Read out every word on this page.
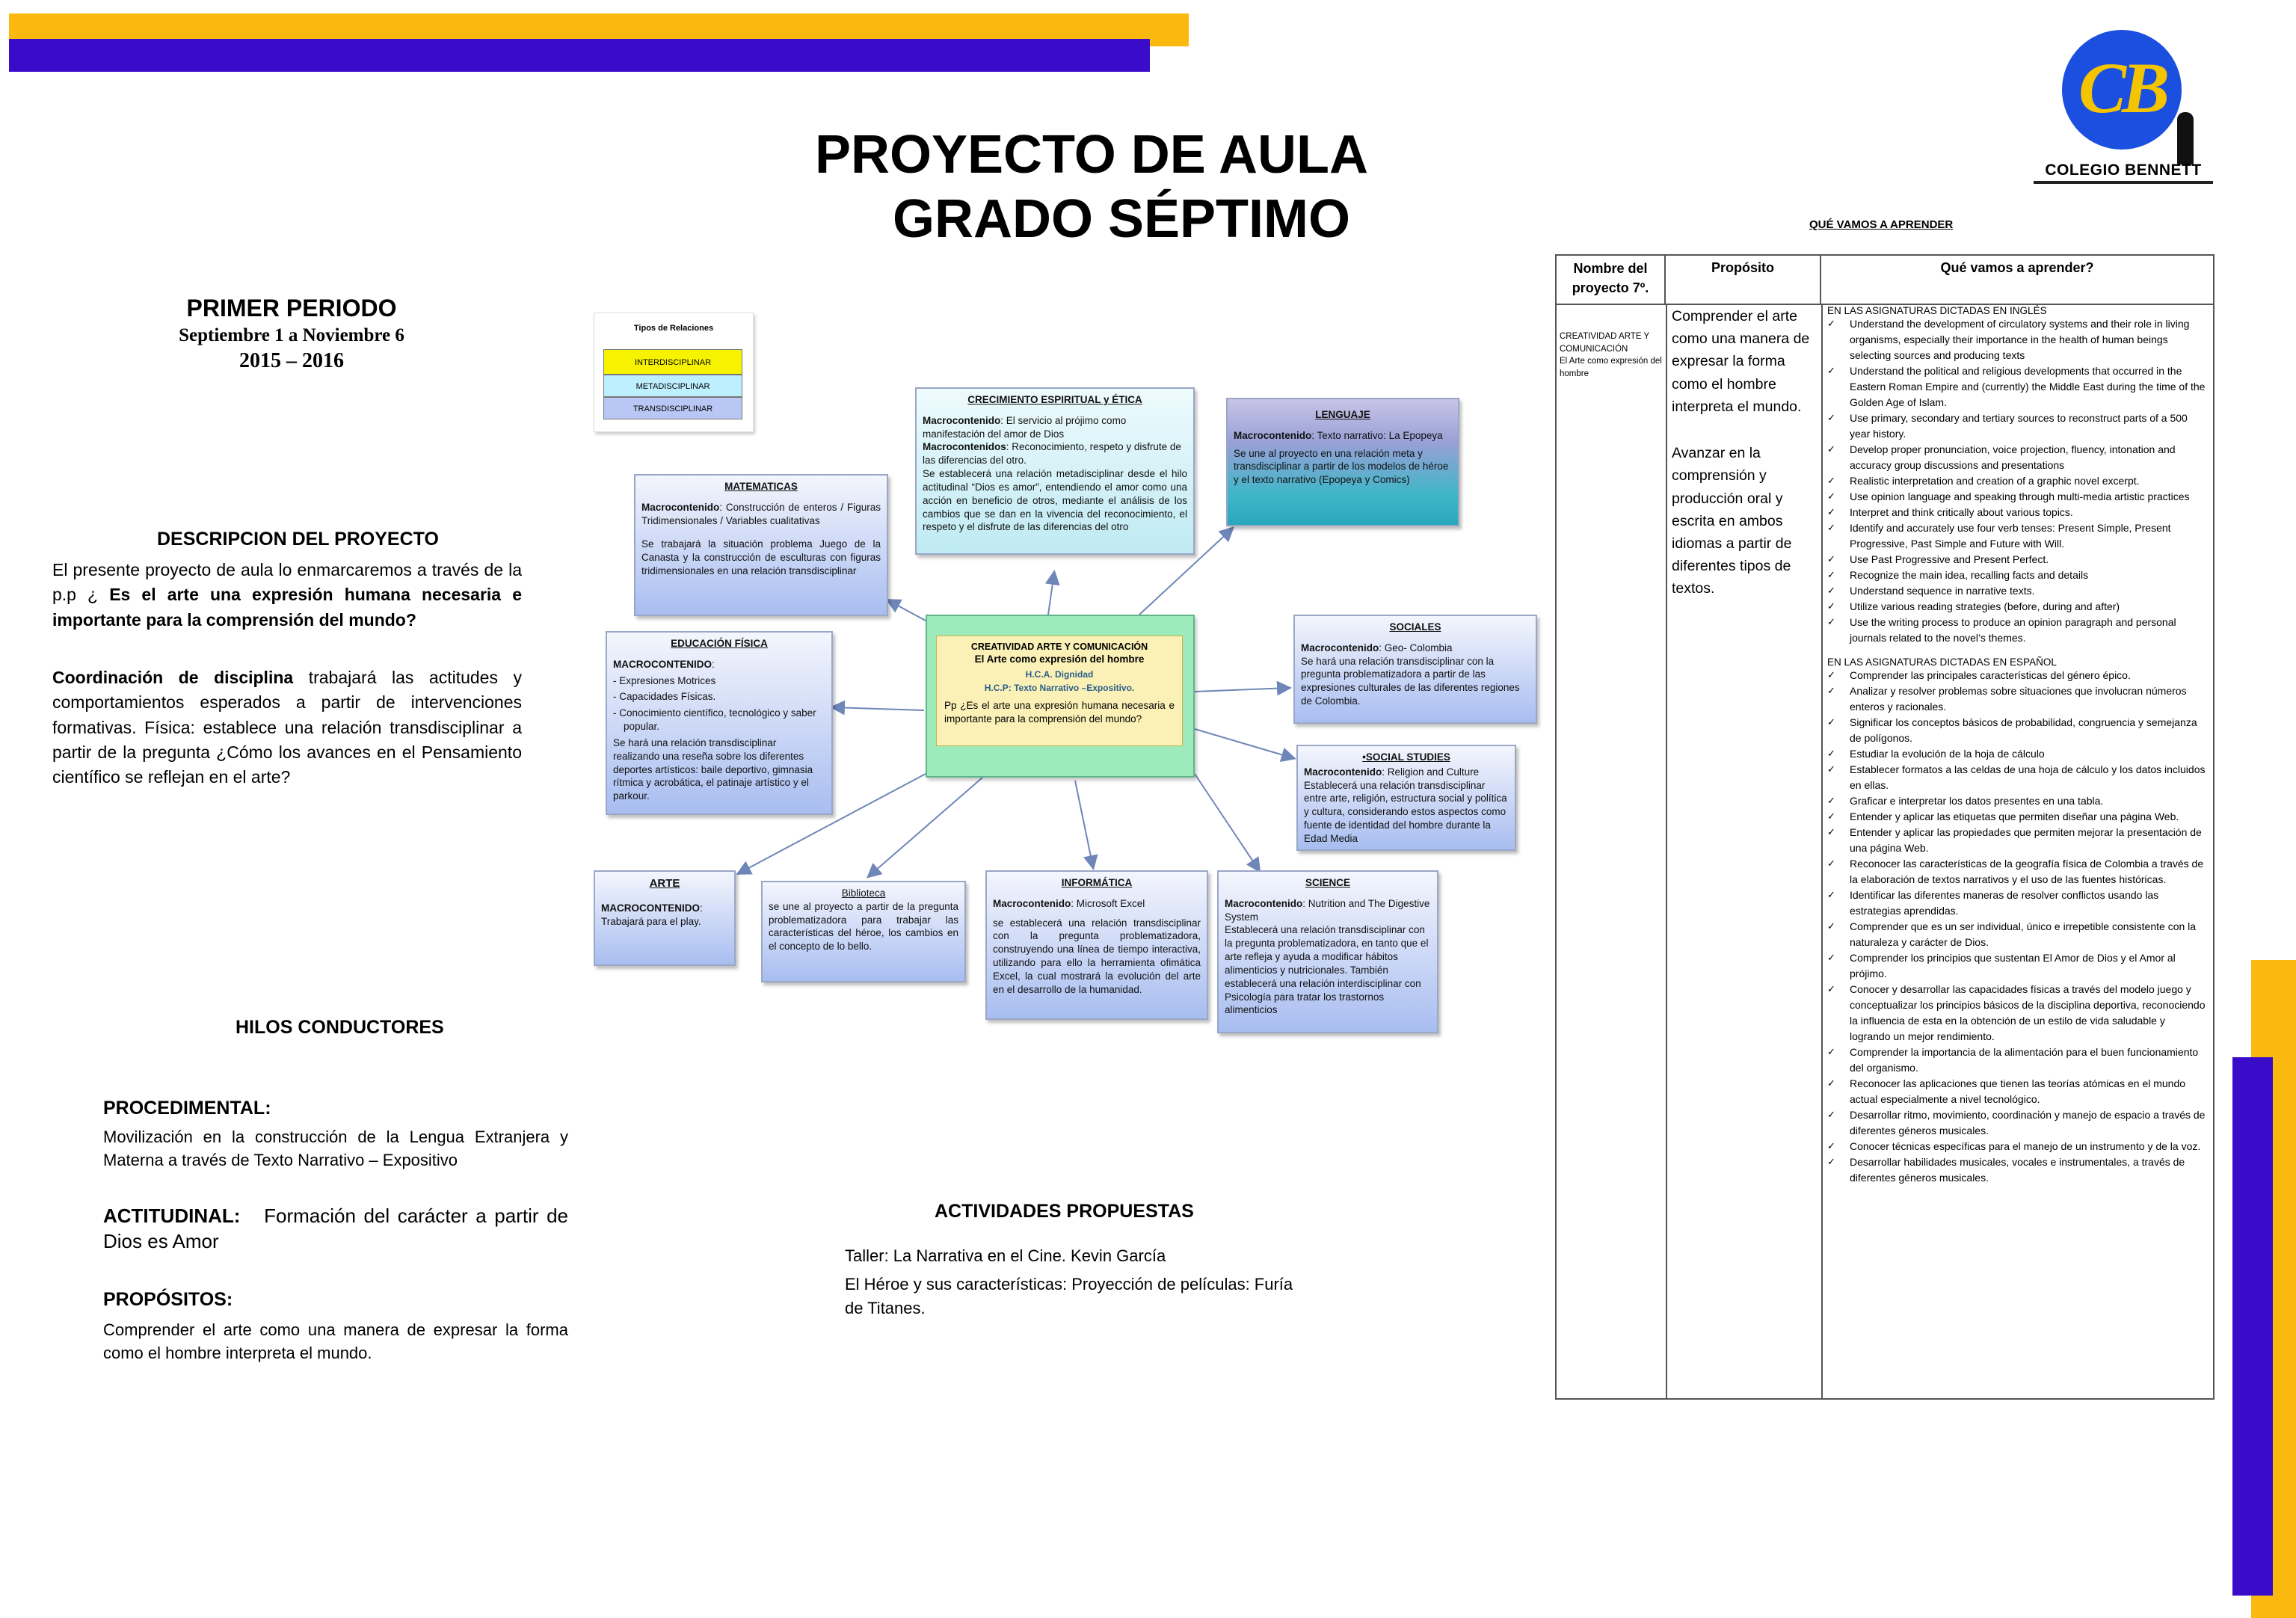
CB
COLEGIO BENNETT
PROYECTO DE AULA
GRADO SÉPTIMO
PRIMER PERIODO
Septiembre 1 a Noviembre 6
2015 – 2016
DESCRIPCION DEL PROYECTO
El presente proyecto de aula lo enmarcaremos a través de la p.p ¿ Es el arte una expresión humana necesaria e importante para la comprensión del mundo?
Coordinación de disciplina trabajará las actitudes y comportamientos esperados a partir de intervenciones formativas. Física: establece una relación transdisciplinar a partir de la pregunta ¿Cómo los avances en el Pensamiento científico se reflejan en el arte?
HILOS CONDUCTORES
PROCEDIMENTAL:
Movilización en la construcción de la Lengua Extranjera y Materna a través de Texto Narrativo – Expositivo
ACTITUDINAL: Formación del carácter a partir de Dios es Amor
PROPÓSITOS:
Comprender el arte como una manera de expresar la forma como el hombre interpreta el mundo.
Tipos de Relaciones
INTERDISCIPLINAR
METADISCIPLINAR
TRANSDISCIPLINAR
CREATIVIDAD ARTE Y COMUNICACIÓN
El Arte como expresión del hombre
H.C.A. Dignidad
H.C.P: Texto Narrativo –Expositivo.
Pp ¿Es el arte una expresión humana necesaria e importante para la comprensión del mundo?
CRECIMIENTO ESPIRITUAL y ÉTICA
Macrocontenido: El servicio al prójimo como manifestación del amor de Dios
Macrocontenidos: Reconocimiento, respeto y disfrute de las diferencias del otro.
Se establecerá una relación metadisciplinar desde el hilo actitudinal “Dios es amor”, entendiendo el amor como una acción en beneficio de otros, mediante el análisis de los cambios que se dan en la vivencia del reconocimiento, el respeto y el disfrute de las diferencias del otro
LENGUAJE
Macrocontenido: Texto narrativo: La Epopeya
Se une al proyecto en una relación meta y transdisciplinar a partir de los modelos de héroe y el texto narrativo (Epopeya y Comics)
MATEMATICAS
Macrocontenido: Construcción de enteros / Figuras Tridimensionales / Variables cualitativas
Se trabajará la situación problema Juego de la Canasta y la construcción de esculturas con figuras tridimensionales en una relación transdisciplinar
EDUCACIÓN FÍSICA
MACROCONTENIDO:
- Expresiones Motrices
- Capacidades Físicas.
- Conocimiento científico, tecnológico y saber popular.
Se hará una relación transdisciplinar realizando una reseña sobre los diferentes deportes artísticos: baile deportivo, gimnasia rítmica y acrobática, el patinaje artístico y el parkour.
SOCIALES
Macrocontenido: Geo- Colombia
Se hará una relación transdisciplinar con la pregunta problematizadora a partir de las expresiones culturales de las diferentes regiones de Colombia.
•SOCIAL STUDIES
Macrocontenido: Religion and Culture
Establecerá una relación transdisciplinar entre arte, religión, estructura social y política y cultura, considerando estos aspectos como fuente de identidad del hombre durante la Edad Media
ARTE
MACROCONTENIDO:
Trabajará para el play.
Biblioteca
se une al proyecto a partir de la pregunta problematizadora para trabajar las características del héroe, los cambios en el concepto de lo bello.
INFORMÁTICA
Macrocontenido: Microsoft Excel
se establecerá una relación transdisciplinar con la pregunta problematizadora, construyendo una línea de tiempo interactiva, utilizando para ello la herramienta ofimática Excel, la cual mostrará la evolución del arte en el desarrollo de la humanidad.
SCIENCE
Macrocontenido: Nutrition and The Digestive System
Establecerá una relación transdisciplinar con la pregunta problematizadora, en tanto que el arte refleja y ayuda a modificar hábitos alimenticios y nutricionales. También establecerá una relación interdisciplinar con Psicología para tratar los trastornos alimenticios
ACTIVIDADES PROPUESTAS
Taller: La Narrativa en el Cine. Kevin García
El Héroe y sus características: Proyección de películas: Furía de Titanes.
QUÉ VAMOS A APRENDER
Nombre del proyecto 7º.
Propósito	Qué vamos a aprender?
CREATIVIDAD ARTE Y COMUNICACIÓN
El Arte como expresión del hombre
Comprender el arte como una manera de expresar la forma como el hombre interpreta el mundo.
Avanzar en la comprensión y producción oral y escrita en ambos idiomas a partir de diferentes tipos de textos.
EN LAS ASIGNATURAS DICTADAS EN INGLÉS
✓ Understand the development of circulatory systems and their role in living organisms, especially their importance in the health of human beings selecting sources and producing texts
✓ Understand the political and religious developments that occurred in the Eastern Roman Empire and (currently) the Middle East during the time of the Golden Age of Islam.
✓ Use primary, secondary and tertiary sources to reconstruct parts of a 500 year history.
✓ Develop proper pronunciation, voice projection, fluency, intonation and accuracy group discussions and presentations
✓ Realistic interpretation and creation of a graphic novel excerpt.
✓ Use opinion language and speaking through multi-media artistic practices
✓ Interpret and think critically about various topics.
✓ Identify and accurately use four verb tenses: Present Simple, Present Progressive, Past Simple and Future with Will.
✓ Use Past Progressive and Present Perfect.
✓ Recognize the main idea, recalling facts and details
✓ Understand sequence in narrative texts.
✓ Utilize various reading strategies (before, during and after)
✓ Use the writing process to produce an opinion paragraph and personal journals related to the novel’s themes.
EN LAS ASIGNATURAS DICTADAS EN ESPAÑOL
✓ Comprender las principales características del género épico.
✓ Analizar y resolver problemas sobre situaciones que involucran números enteros y racionales.
✓ Significar los conceptos básicos de probabilidad, congruencia y semejanza de polígonos.
✓ Estudiar la evolución de la hoja de cálculo
✓ Establecer formatos a las celdas de una hoja de cálculo y los datos incluidos en ellas.
✓ Graficar e interpretar los datos presentes en una tabla.
✓ Entender y aplicar las etiquetas que permiten diseñar una página Web.
✓ Entender y aplicar las propiedades que permiten mejorar la presentación de una página Web.
✓ Reconocer las características de la geografía física de Colombia a través de la elaboración de textos narrativos y el uso de las fuentes históricas.
✓ Identificar las diferentes maneras de resolver conflictos usando las estrategias aprendidas.
✓ Comprender que es un ser individual, único e irrepetible consistente con la naturaleza y carácter de Dios.
✓ Comprender los principios que sustentan El Amor de Dios y el Amor al prójimo.
✓ Conocer y desarrollar las capacidades físicas a través del modelo juego y conceptualizar los principios básicos de la disciplina deportiva, reconociendo la influencia de esta en la obtención de un estilo de vida saludable y logrando un mejor rendimiento.
✓ Comprender la importancia de la alimentación para el buen funcionamiento del organismo.
✓ Reconocer las aplicaciones que tienen las teorías atómicas en el mundo actual especialmente a nivel tecnológico.
✓ Desarrollar ritmo, movimiento, coordinación y manejo de espacio a través de diferentes géneros musicales.
✓ Conocer técnicas específicas para el manejo de un instrumento y de la voz.
✓ Desarrollar habilidades musicales, vocales e instrumentales, a través de diferentes géneros musicales.
